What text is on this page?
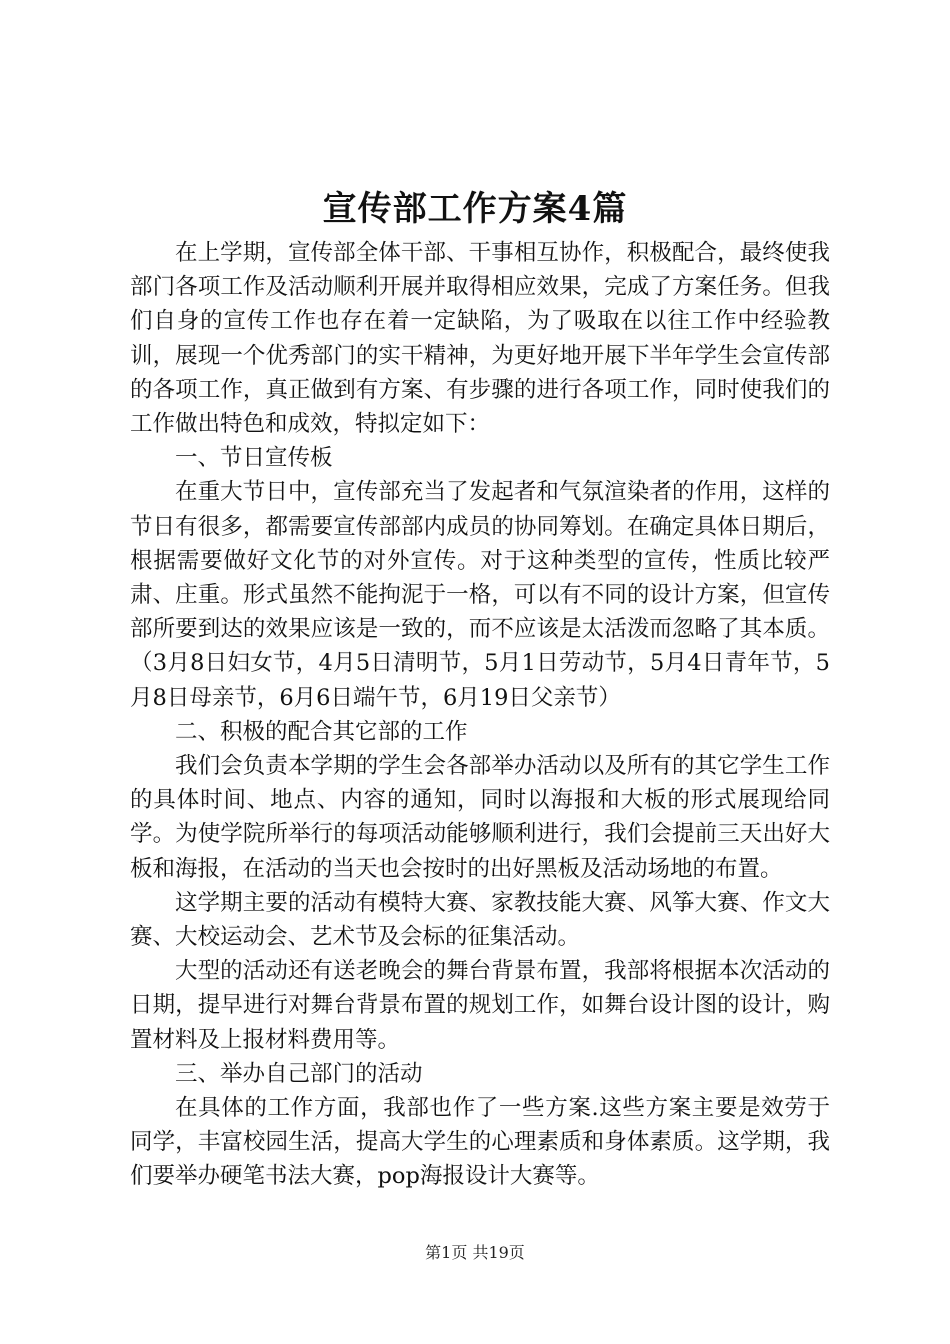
宣传部工作方案4篇

在上学期，宣传部全体干部、干事相互协作，积极配合，最终使我部门各项工作及活动顺利开展并取得相应效果，完成了方案任务。但我们自身的宣传工作也存在着一定缺陷，为了吸取在以往工作中经验教训，展现一个优秀部门的实干精神，为更好地开展下半年学生会宣传部的各项工作，真正做到有方案、有步骤的进行各项工作，同时使我们的工作做出特色和成效，特拟定如下：

一、节日宣传板

在重大节日中，宣传部充当了发起者和气氛渲染者的作用，这样的节日有很多，都需要宣传部部内成员的协同筹划。在确定具体日期后，根据需要做好文化节的对外宣传。对于这种类型的宣传，性质比较严肃、庄重。形式虽然不能拘泥于一格，可以有不同的设计方案，但宣传部所要到达的效果应该是一致的，而不应该是太活泼而忽略了其本质。（3月8日妇女节，4月5日清明节，5月1日劳动节，5月4日青年节，5月8日母亲节，6月6日端午节，6月19日父亲节）

二、积极的配合其它部的工作

我们会负责本学期的学生会各部举办活动以及所有的其它学生工作的具体时间、地点、内容的通知，同时以海报和大板的形式展现给同学。为使学院所举行的每项活动能够顺利进行，我们会提前三天出好大板和海报，在活动的当天也会按时的出好黑板及活动场地的布置。

这学期主要的活动有模特大赛、家教技能大赛、风筝大赛、作文大赛、大校运动会、艺术节及会标的征集活动。

大型的活动还有送老晚会的舞台背景布置，我部将根据本次活动的日期，提早进行对舞台背景布置的规划工作，如舞台设计图的设计，购置材料及上报材料费用等。

三、举办自己部门的活动

在具体的工作方面，我部也作了一些方案.这些方案主要是效劳于同学，丰富校园生活，提高大学生的心理素质和身体素质。这学期，我们要举办硬笔书法大赛，pop海报设计大赛等。

第1页 共19页
